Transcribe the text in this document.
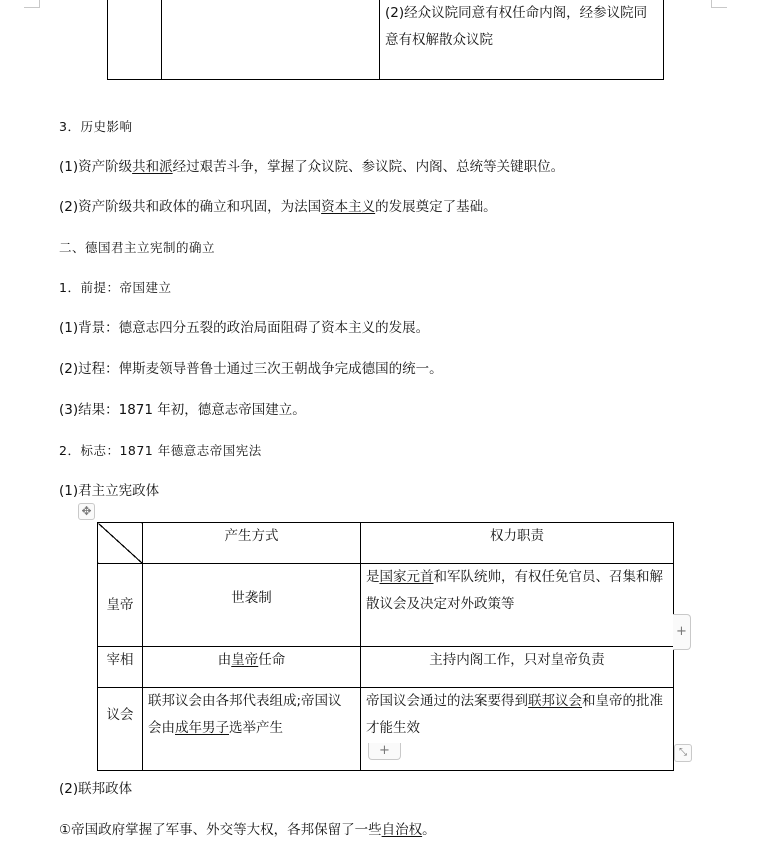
		(2)经众议院同意有权任命内阁，经参议院同意有权解散众议院
3．历史影响
(1)资产阶级共和派经过艰苦斗争，掌握了众议院、参议院、内阁、总统等关键职位。
(2)资产阶级共和政体的确立和巩固，为法国资本主义的发展奠定了基础。
二、德国君主立宪制的确立
1．前提：帝国建立
(1)背景：德意志四分五裂的政治局面阻碍了资本主义的发展。
(2)过程：俾斯麦领导普鲁士通过三次王朝战争完成德国的统一。
(3)结果：1871 年初，德意志帝国建立。
2．标志：1871 年德意志帝国宪法
(1)君主立宪政体
✥
	产生方式	权力职责
皇帝	世袭制	是国家元首和军队统帅，有权任免官员、召集和解散议会及决定对外政策等
宰相	由皇帝任命	主持内阁工作，只对皇帝负责
议会	联邦议会由各邦代表组成;帝国议会由成年男子选举产生	帝国议会通过的法案要得到联邦议会和皇帝的批准才能生效
+
+	⤡
(2)联邦政体
①帝国政府掌握了军事、外交等大权，各邦保留了一些自治权。
